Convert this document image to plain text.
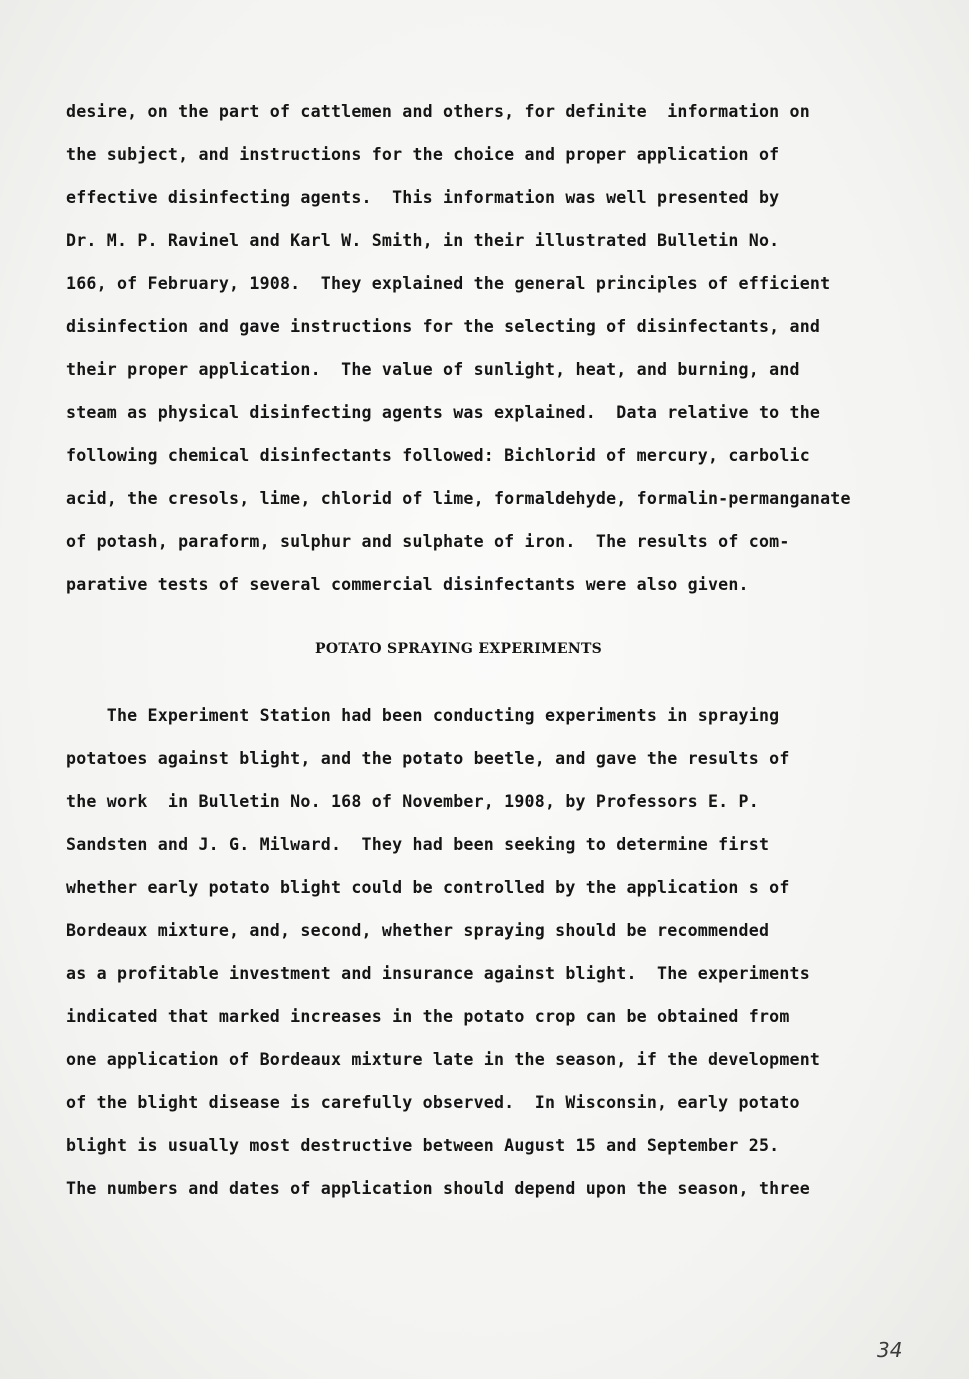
desire, on the part of cattlemen and others, for definite  information on

the subject, and instructions for the choice and proper application of

effective disinfecting agents.  This information was well presented by

Dr. M. P. Ravinel and Karl W. Smith, in their illustrated Bulletin No.

166, of February, 1908.  They explained the general principles of efficient

disinfection and gave instructions for the selecting of disinfectants, and

their proper application.  The value of sunlight, heat, and burning, and

steam as physical disinfecting agents was explained.  Data relative to the

following chemical disinfectants followed: Bichlorid of mercury, carbolic

acid, the cresols, lime, chlorid of lime, formaldehyde, formalin-permanganate

of potash, paraform, sulphur and sulphate of iron.  The results of com-

parative tests of several commercial disinfectants were also given.

POTATO SPRAYING EXPERIMENTS

The Experiment Station had been conducting experiments in spraying

potatoes against blight, and the potato beetle, and gave the results of

the work  in Bulletin No. 168 of November, 1908, by Professors E. P.

Sandsten and J. G. Milward.  They had been seeking to determine first

whether early potato blight could be controlled by the application s of

Bordeaux mixture, and, second, whether spraying should be recommended

as a profitable investment and insurance against blight.  The experiments

indicated that marked increases in the potato crop can be obtained from

one application of Bordeaux mixture late in the season, if the development

of the blight disease is carefully observed.  In Wisconsin, early potato

blight is usually most destructive between August 15 and September 25.

The numbers and dates of application should depend upon the season, three

34
